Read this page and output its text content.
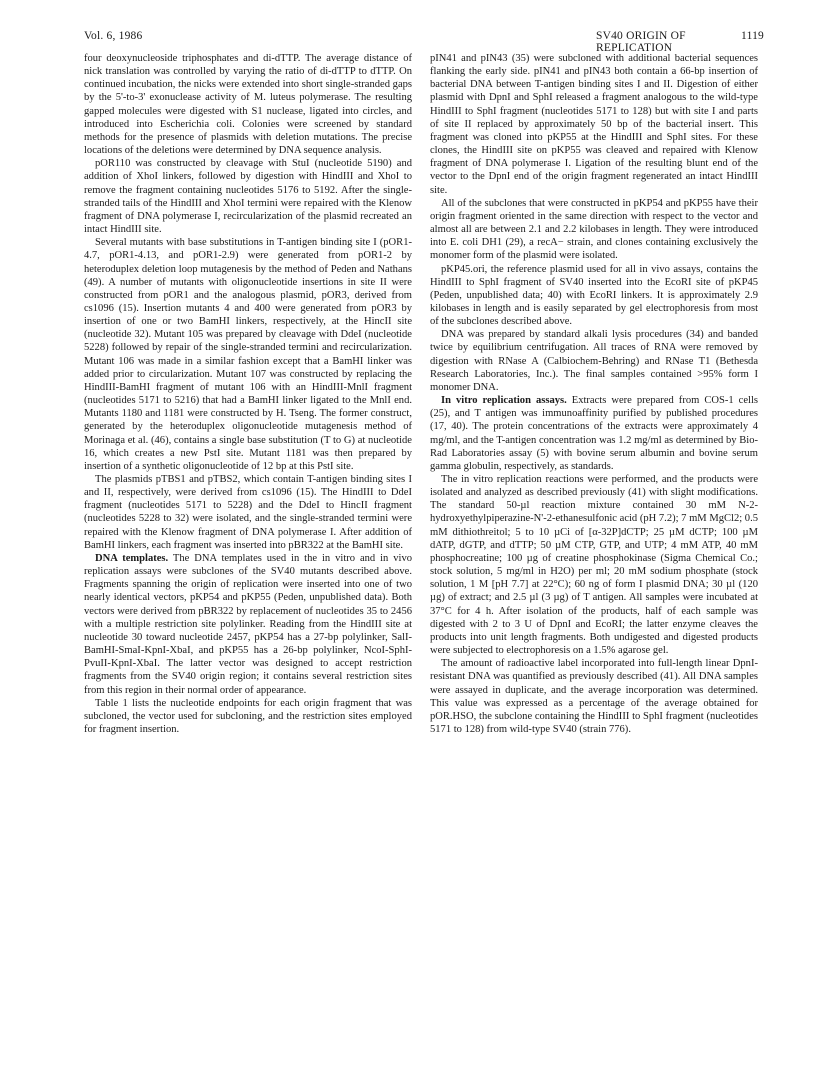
Vol. 6, 1986	SV40 ORIGIN OF REPLICATION
1119

four deoxynucleoside triphosphates and di-dTTP. The average distance of nick translation was controlled by varying the ratio of di-dTTP to dTTP. On continued incubation, the nicks were extended into short single-stranded gaps by the 5'-to-3' exonuclease activity of M. luteus polymerase. The resulting gapped molecules were digested with S1 nuclease, ligated into circles, and introduced into Escherichia coli. Colonies were screened by standard methods for the presence of plasmids with deletion mutations. The precise locations of the deletions were determined by DNA sequence analysis.

pOR110 was constructed by cleavage with StuI (nucleotide 5190) and addition of XhoI linkers, followed by digestion with HindIII and XhoI to remove the fragment containing nucleotides 5176 to 5192. After the single-stranded tails of the HindIII and XhoI termini were repaired with the Klenow fragment of DNA polymerase I, recircularization of the plasmid recreated an intact HindIII site.

Several mutants with base substitutions in T-antigen binding site I (pOR1-4.7, pOR1-4.13, and pOR1-2.9) were generated from pOR1-2 by heteroduplex deletion loop mutagenesis by the method of Peden and Nathans (49). A number of mutants with oligonucleotide insertions in site II were constructed from pOR1 and the analogous plasmid, pOR3, derived from cs1096 (15). Insertion mutants 4 and 400 were generated from pOR3 by insertion of one or two BamHI linkers, respectively, at the HincII site (nucleotide 32). Mutant 105 was prepared by cleavage with DdeI (nucleotide 5228) followed by repair of the single-stranded termini and recircularization. Mutant 106 was made in a similar fashion except that a BamHI linker was added prior to circularization. Mutant 107 was constructed by replacing the HindIII-BamHI fragment of mutant 106 with an HindIII-MnlI fragment (nucleotides 5171 to 5216) that had a BamHI linker ligated to the MnlI end. Mutants 1180 and 1181 were constructed by H. Tseng. The former construct, generated by the heteroduplex oligonucleotide mutagenesis method of Morinaga et al. (46), contains a single base substitution (T to G) at nucleotide 16, which creates a new PstI site. Mutant 1181 was then prepared by insertion of a synthetic oligonucleotide of 12 bp at this PstI site.

The plasmids pTBS1 and pTBS2, which contain T-antigen binding sites I and II, respectively, were derived from cs1096 (15). The HindIII to DdeI fragment (nucleotides 5171 to 5228) and the DdeI to HincII fragment (nucleotides 5228 to 32) were isolated, and the single-stranded termini were repaired with the Klenow fragment of DNA polymerase I. After addition of BamHI linkers, each fragment was inserted into pBR322 at the BamHI site.

DNA templates. The DNA templates used in the in vitro and in vivo replication assays were subclones of the SV40 mutants described above. Fragments spanning the origin of replication were inserted into one of two nearly identical vectors, pKP54 and pKP55 (Peden, unpublished data). Both vectors were derived from pBR322 by replacement of nucleotides 35 to 2456 with a multiple restriction site polylinker. Reading from the HindIII site at nucleotide 30 toward nucleotide 2457, pKP54 has a 27-bp polylinker, SalI-BamHI-SmaI-KpnI-XbaI, and pKP55 has a 26-bp polylinker, NcoI-SphI-PvuII-KpnI-XbaI. The latter vector was designed to accept restriction fragments from the SV40 origin region; it contains several restriction sites from this region in their normal order of appearance.

Table 1 lists the nucleotide endpoints for each origin fragment that was subcloned, the vector used for subcloning, and the restriction sites employed for fragment insertion.

pIN41 and pIN43 (35) were subcloned with additional bacterial sequences flanking the early side. pIN41 and pIN43 both contain a 66-bp insertion of bacterial DNA between T-antigen binding sites I and II. Digestion of either plasmid with DpnI and SphI released a fragment analogous to the wild-type HindIII to SphI fragment (nucleotides 5171 to 128) but with site I and parts of site II replaced by approximately 50 bp of the bacterial insert. This fragment was cloned into pKP55 at the HindIII and SphI sites. For these clones, the HindIII site on pKP55 was cleaved and repaired with Klenow fragment of DNA polymerase I. Ligation of the resulting blunt end of the vector to the DpnI end of the origin fragment regenerated an intact HindIII site.

All of the subclones that were constructed in pKP54 and pKP55 have their origin fragment oriented in the same direction with respect to the vector and almost all are between 2.1 and 2.2 kilobases in length. They were introduced into E. coli DH1 (29), a recA− strain, and clones containing exclusively the monomer form of the plasmid were isolated.

pKP45.ori, the reference plasmid used for all in vivo assays, contains the HindIII to SphI fragment of SV40 inserted into the EcoRI site of pKP45 (Peden, unpublished data; 40) with EcoRI linkers. It is approximately 2.9 kilobases in length and is easily separated by gel electrophoresis from most of the subclones described above.

DNA was prepared by standard alkali lysis procedures (34) and banded twice by equilibrium centrifugation. All traces of RNA were removed by digestion with RNase A (Calbiochem-Behring) and RNase T1 (Bethesda Research Laboratories, Inc.). The final samples contained >95% form I monomer DNA.

In vitro replication assays. Extracts were prepared from COS-1 cells (25), and T antigen was immunoaffinity purified by published procedures (17, 40). The protein concentrations of the extracts were approximately 4 mg/ml, and the T-antigen concentration was 1.2 mg/ml as determined by Bio-Rad Laboratories assay (5) with bovine serum albumin and bovine serum gamma globulin, respectively, as standards.

The in vitro replication reactions were performed, and the products were isolated and analyzed as described previously (41) with slight modifications. The standard 50-µl reaction mixture contained 30 mM N-2-hydroxyethylpiperazine-N'-2-ethanesulfonic acid (pH 7.2); 7 mM MgCl2; 0.5 mM dithiothreitol; 5 to 10 µCi of [α-32P]dCTP; 25 µM dCTP; 100 µM dATP, dGTP, and dTTP; 50 µM CTP, GTP, and UTP; 4 mM ATP, 40 mM phosphocreatine; 100 µg of creatine phosphokinase (Sigma Chemical Co.; stock solution, 5 mg/ml in H2O) per ml; 20 mM sodium phosphate (stock solution, 1 M [pH 7.7] at 22°C); 60 ng of form I plasmid DNA; 30 µl (120 µg) of extract; and 2.5 µl (3 µg) of T antigen. All samples were incubated at 37°C for 4 h. After isolation of the products, half of each sample was digested with 2 to 3 U of DpnI and EcoRI; the latter enzyme cleaves the products into unit length fragments. Both undigested and digested products were subjected to electrophoresis on a 1.5% agarose gel.

The amount of radioactive label incorporated into full-length linear DpnI-resistant DNA was quantified as previously described (41). All DNA samples were assayed in duplicate, and the average incorporation was determined. This value was expressed as a percentage of the average obtained for pOR.HSO, the subclone containing the HindIII to SphI fragment (nucleotides 5171 to 128) from wild-type SV40 (strain 776).
